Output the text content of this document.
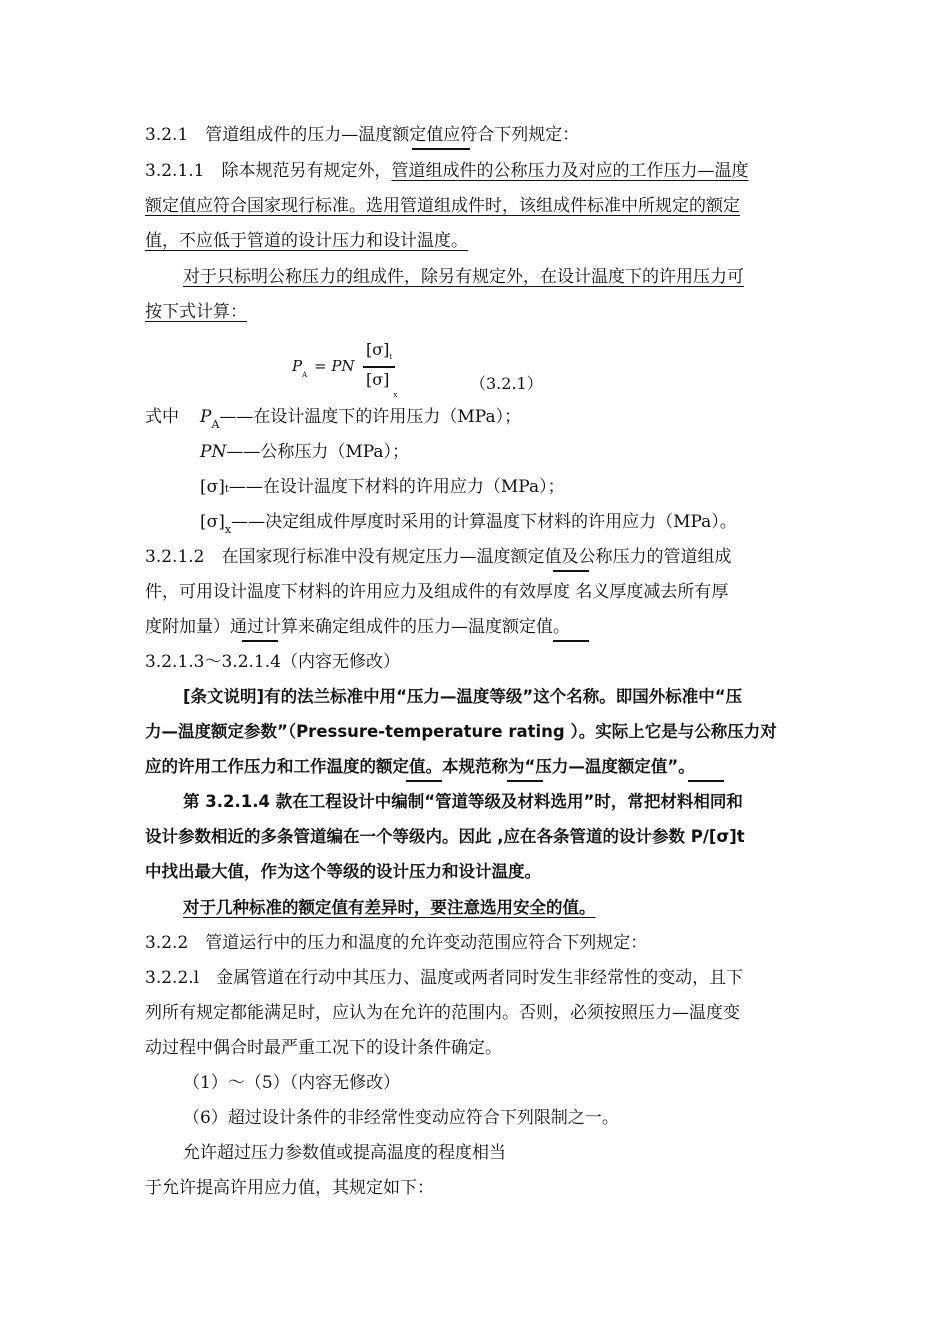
3.2.1　管道组成件的压力—温度额定值应符合下列规定：
3.2.1.1　除本规范另有规定外，管道组成件的公称压力及对应的工作压力—温度
额定值应符合国家现行标准。选用管道组成件时，该组成件标准中所规定的额定
值，不应低于管道的设计压力和设计温度。
对于只标明公称压力的组成件，除另有规定外，在设计温度下的许用压力可
按下式计算：
$P_A$ = PN
$[\sigma]_t$
$[\sigma]_x$
（3.2.1）
式中 $P_A——$在设计温度下的许用压力（MPa）；
PN——公称压力（MPa）；
[σ]t——在设计温度下材料的许用应力（MPa）；
$[\sigma]_x——$决定组成件厚度时采用的计算温度下材料的许用应力（MPa）。
3.2.1.2　在国家现行标准中没有规定压力—温度额定值及公称压力的管道组成
件，可用设计温度下材料的许用应力及组成件的有效厚度 名义厚度减去所有厚
度附加量）通过计算来确定组成件的压力—温度额定值。
3.2.1.3～3.2.1.4（内容无修改）
[条文说明]有的法兰标准中用“压力—温度等级”这个名称。即国外标准中“压
力—温度额定参数”（Pressure-temperature rating ）。实际上它是与公称压力对
应的许用工作压力和工作温度的额定值。本规范称为“压力—温度额定值”。
第 3.2.1.4 款在工程设计中编制“管道等级及材料选用”时，常把材料相同和
设计参数相近的多条管道编在一个等级内。因此 ,应在各条管道的设计参数 P/[σ]t
中找出最大值，作为这个等级的设计压力和设计温度。
对于几种标准的额定值有差异时，要注意选用安全的值。
3.2.2　管道运行中的压力和温度的允许变动范围应符合下列规定：
3.2.2.l　金属管道在行动中其压力、温度或两者同时发生非经常性的变动，且下
列所有规定都能满足时，应认为在允许的范围内。否则，必须按照压力—温度变
动过程中偶合时最严重工况下的设计条件确定。
（1）～（5）（内容无修改）
（6）超过设计条件的非经常性变动应符合下列限制之一。
允许超过压力参数值或提高温度的程度相当
于允许提高许用应力值，其规定如下：
